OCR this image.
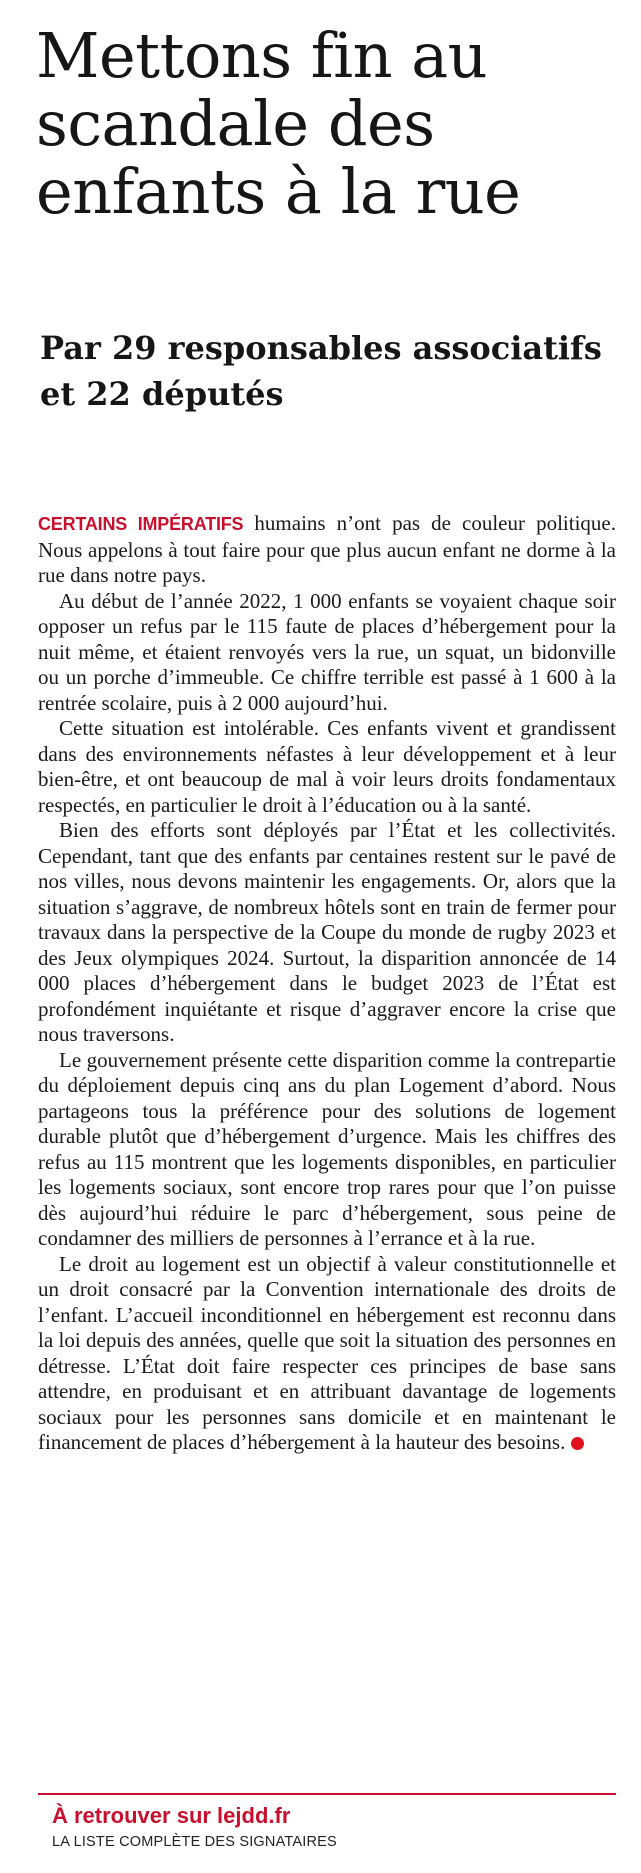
Mettons fin au scandale des enfants à la rue
Par 29 responsables associatifs et 22 députés

CERTAINS IMPÉRATIFS humains n’ont pas de couleur politique. Nous appelons à tout faire pour que plus aucun enfant ne dorme à la rue dans notre pays.

Au début de l’année 2022, 1 000 enfants se voyaient chaque soir opposer un refus par le 115 faute de places d’hébergement pour la nuit même, et étaient renvoyés vers la rue, un squat, un bidonville ou un porche d’immeuble. Ce chiffre terrible est passé à 1 600 à la rentrée scolaire, puis à 2 000 aujourd’hui.

Cette situation est intolérable. Ces enfants vivent et grandissent dans des environnements néfastes à leur développement et à leur bien-être, et ont beaucoup de mal à voir leurs droits fondamentaux respectés, en particulier le droit à l’éducation ou à la santé.

Bien des efforts sont déployés par l’État et les collectivités. Cependant, tant que des enfants par centaines restent sur le pavé de nos villes, nous devons maintenir les engagements. Or, alors que la situation s’aggrave, de nombreux hôtels sont en train de fermer pour travaux dans la perspective de la Coupe du monde de rugby 2023 et des Jeux olympiques 2024. Surtout, la disparition annoncée de 14 000 places d’hébergement dans le budget 2023 de l’État est profondément inquiétante et risque d’aggraver encore la crise que nous traversons.

Le gouvernement présente cette disparition comme la contrepartie du déploiement depuis cinq ans du plan Logement d’abord. Nous partageons tous la préférence pour des solutions de logement durable plutôt que d’hébergement d’urgence. Mais les chiffres des refus au 115 montrent que les logements disponibles, en particulier les logements sociaux, sont encore trop rares pour que l’on puisse dès aujourd’hui réduire le parc d’hébergement, sous peine de condamner des milliers de personnes à l’errance et à la rue.

Le droit au logement est un objectif à valeur constitutionnelle et un droit consacré par la Convention internationale des droits de l’enfant. L’accueil inconditionnel en hébergement est reconnu dans la loi depuis des années, quelle que soit la situation des personnes en détresse. L’État doit faire respecter ces principes de base sans attendre, en produisant et en attribuant davantage de logements sociaux pour les personnes sans domicile et en maintenant le financement de places d’hébergement à la hauteur des besoins.

À retrouver sur lejdd.fr
LA LISTE COMPLÈTE DES SIGNATAIRES
